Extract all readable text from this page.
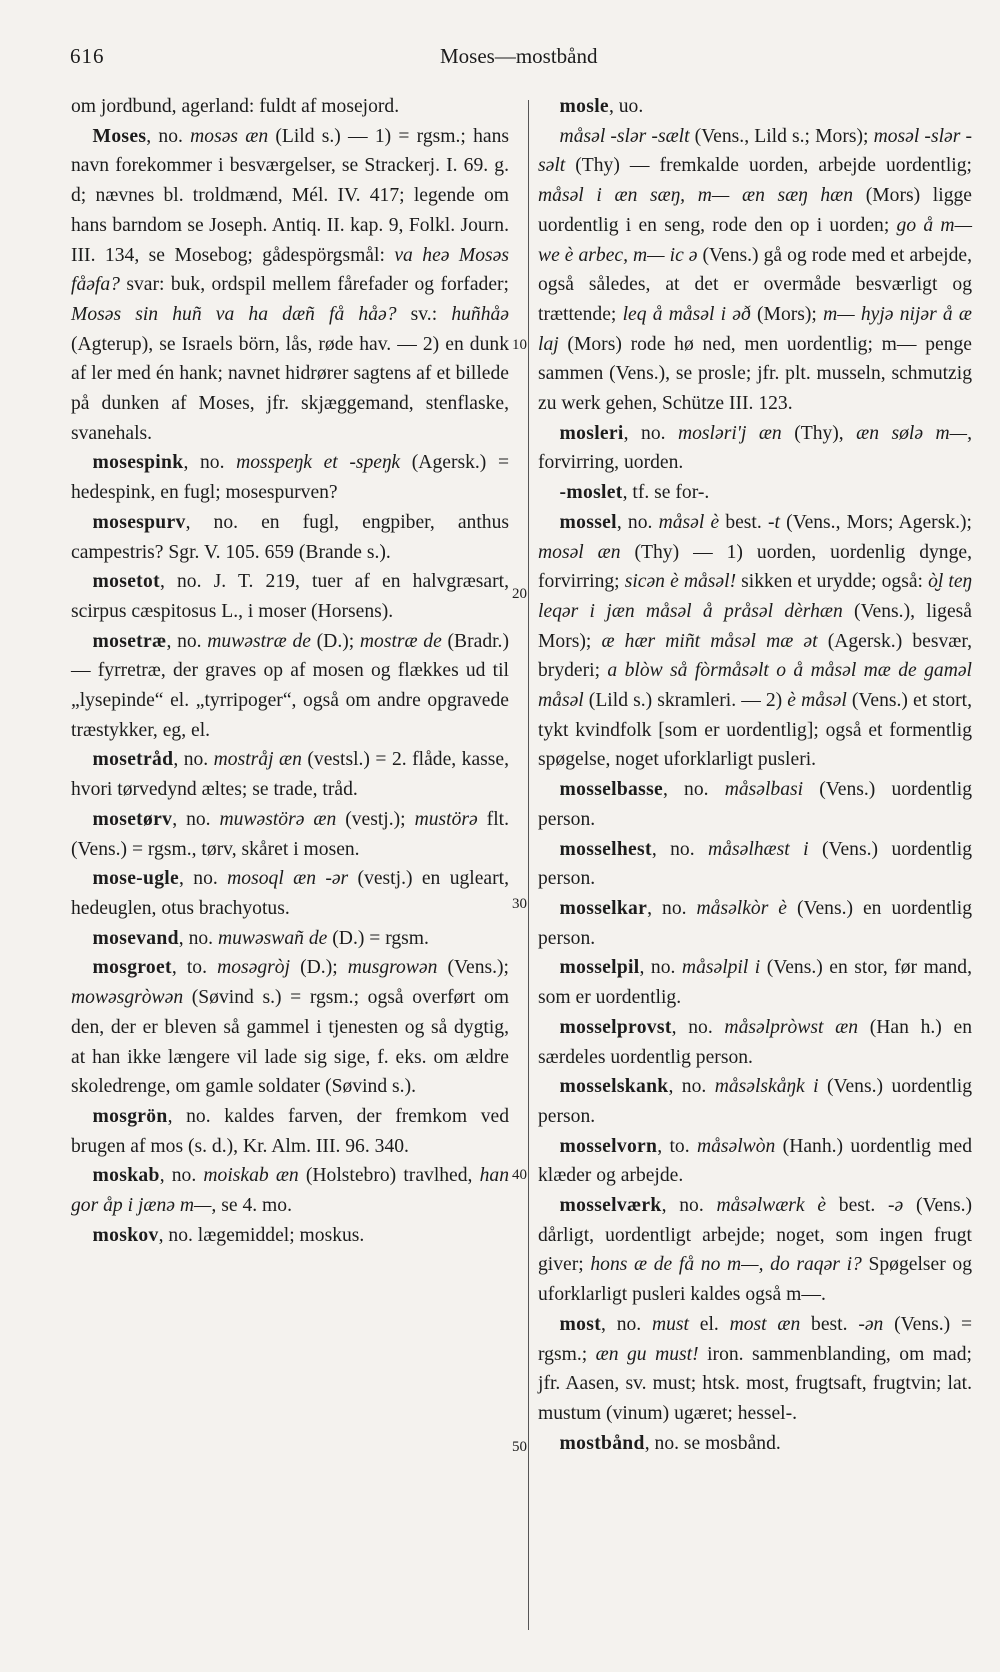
616	Moses—mostbånd

om jordbund, agerland: fuldt af mosejord.

Moses, no. mosəs æn (Lild s.) — 1) = rgsm.; hans navn forekommer i besværgelser, se Strackerj. I. 69. g. d; nævnes bl. troldmænd, Mél. IV. 417; legende om hans barndom se Joseph. Antiq. II. kap. 9, Folkl. Journ. III. 134, se Mosebog; gådespörgsmål: va heə Mosəs fåəfa? svar: buk, ordspil mellem fårefader og forfader; Mosəs sin huñ va ha dæñ få håə? sv.: huñhåə (Agterup), se Israels börn, lås, røde hav. — 2) en dunk af ler med én hank; navnet hidrører sagtens af et billede på dunken af Moses, jfr. skjæggemand, stenflaske, svanehals.

mosespink, no. mosspeŋk et -speŋk (Agersk.) = hedespink, en fugl; mosespurven?

mosespurv, no. en fugl, engpiber, anthus campestris? Sgr. V. 105. 659 (Brande s.).

mosetot, no. J. T. 219, tuer af en halvgræsart, scirpus cæspitosus L., i moser (Horsens).

mosetræ, no. muwəstræ de (D.); mostræ de (Bradr.) — fyrretræ, der graves op af mosen og flækkes ud til „lysepinde“ el. „tyrripoger“, også om andre opgravede træstykker, eg, el.

mosetråd, no. mostråj æn (vestsl.) = 2. flåde, kasse, hvori tørvedynd æltes; se trade, tråd.

mosetørv, no. muwəstörə æn (vestj.); mustörə flt. (Vens.) = rgsm., tørv, skåret i mosen.

mose-ugle, no. mosoql æn -ər (vestj.) en ugleart, hedeuglen, otus brachyotus.

mosevand, no. muwəswañ de (D.) = rgsm.

mosgroet, to. mosəgròj (D.); musgrowən (Vens.); mowəsgròwən (Søvind s.) = rgsm.; også overført om den, der er bleven så gammel i tjenesten og så dygtig, at han ikke længere vil lade sig sige, f. eks. om ældre skoledrenge, om gamle soldater (Søvind s.).

mosgrön, no. kaldes farven, der fremkom ved brugen af mos (s. d.), Kr. Alm. III. 96. 340.

moskab, no. moiskab æn (Holstebro) travlhed, han gor åp i jænə m—, se 4. mo.

moskov, no. lægemiddel; moskus.

mosle, uo.

måsəl -slər -sælt (Vens., Lild s.; Mors); mosəl -slər -səlt (Thy) — fremkalde uorden, arbejde uordentlig; måsəl i æn sæŋ, m— æn sæŋ hæn (Mors) ligge uordentlig i en seng, rode den op i uorden; go å m— we è arbec, m— ic ə (Vens.) gå og rode med et arbejde, også således, at det er overmåde besværligt og trættende; leq å måsəl i əð (Mors); m— hyjə nijər å æ laj (Mors) rode hø ned, men uordentlig; m— penge sammen (Vens.), se prosle; jfr. plt. musseln, schmutzig zu werk gehen, Schütze III. 123.

mosleri, no. mosləri'j æn (Thy), æn sølə m—, forvirring, uorden.

-moslet, tf. se for-.

mossel, no. måsəl è best. -t (Vens., Mors; Agersk.); mosəl æn (Thy) — 1) uorden, uordenlig dynge, forvirring; sicən è måsəl! sikken et urydde; også: ò̮l teŋ leqər i jæn måsəl å pråsəl dèrhæn (Vens.), ligeså Mors); æ hær miñt måsəl mæ ət (Agersk.) besvær, bryderi; a blòw så fòrmåsəlt o å måsəl mæ de gaməl måsəl (Lild s.) skramleri. — 2) è måsəl (Vens.) et stort, tykt kvindfolk [som er uordentlig]; også et formentlig spøgelse, noget uforklarligt pusleri.

mosselbasse, no. måsəlbasi (Vens.) uordentlig person.

mosselhest, no. måsəlhæst i (Vens.) uordentlig person.

mosselkar, no. måsəlkòr è (Vens.) en uordentlig person.

mosselpil, no. måsəlpil i (Vens.) en stor, før mand, som er uordentlig.

mosselprovst, no. måsəlpròwst æn (Han h.) en særdeles uordentlig person.

mosselskank, no. måsəlskåŋk i (Vens.) uordentlig person.

mosselvorn, to. måsəlwòn (Hanh.) uordentlig med klæder og arbejde.

mosselværk, no. måsəlwærk è best. -ə (Vens.) dårligt, uordentligt arbejde; noget, som ingen frugt giver; hons æ de få no m—, do raqər i? Spøgelser og uforklarligt pusleri kaldes også m—.

most, no. must el. most æn best. -ən (Vens.) = rgsm.; æn gu must! iron. sammenblanding, om mad; jfr. Aasen, sv. must; htsk. most, frugtsaft, frugtvin; lat. mustum (vinum) ugæret; hessel-.

mostbånd, no. se mosbånd.

10
20
30
40
50
